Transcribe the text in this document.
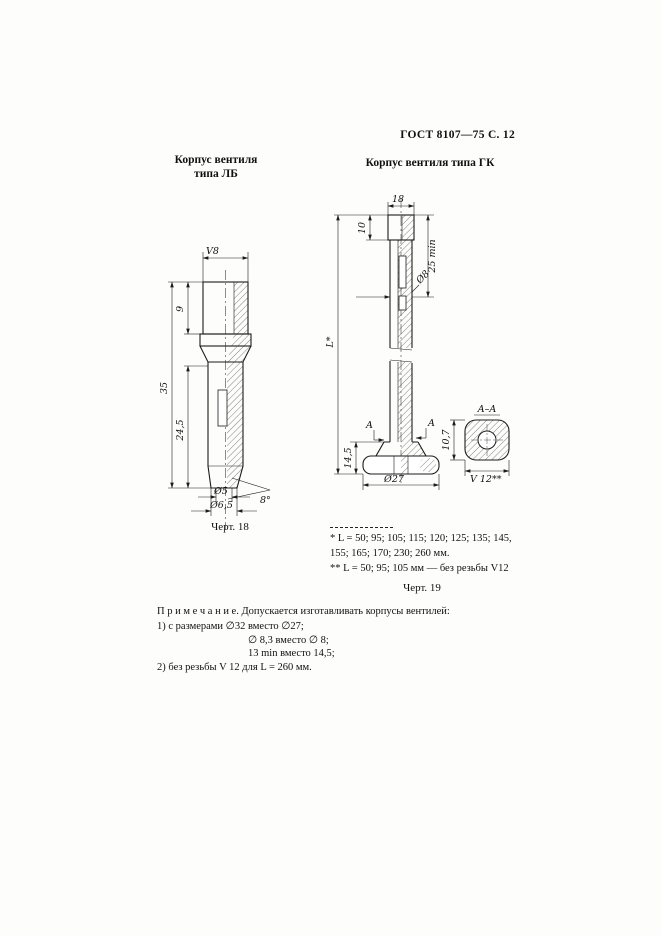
ГОСТ 8107—75 С. 12
Корпус вентиля
типа ЛБ
Корпус вентиля типа ГК
V8
35
24,5
9
Ø5
Ø6,5	8°
Черт. 18
18
10
25 min
Ø8
L*
A	A
14,5
Ø27
A–A
10,7
V 12**
* L = 50; 95; 105; 115; 120; 125; 135; 145,
155; 165; 170; 230; 260 мм.
** L = 50; 95; 105 мм — без резьбы V12
Черт. 19
П р и м е ч а н и е. Допускается изготавливать корпусы вентилей:
1) с размерами ∅32 вместо ∅27;
∅ 8,3 вместо ∅ 8;
13 min вместо 14,5;
2) без резьбы V 12 для L = 260 мм.
